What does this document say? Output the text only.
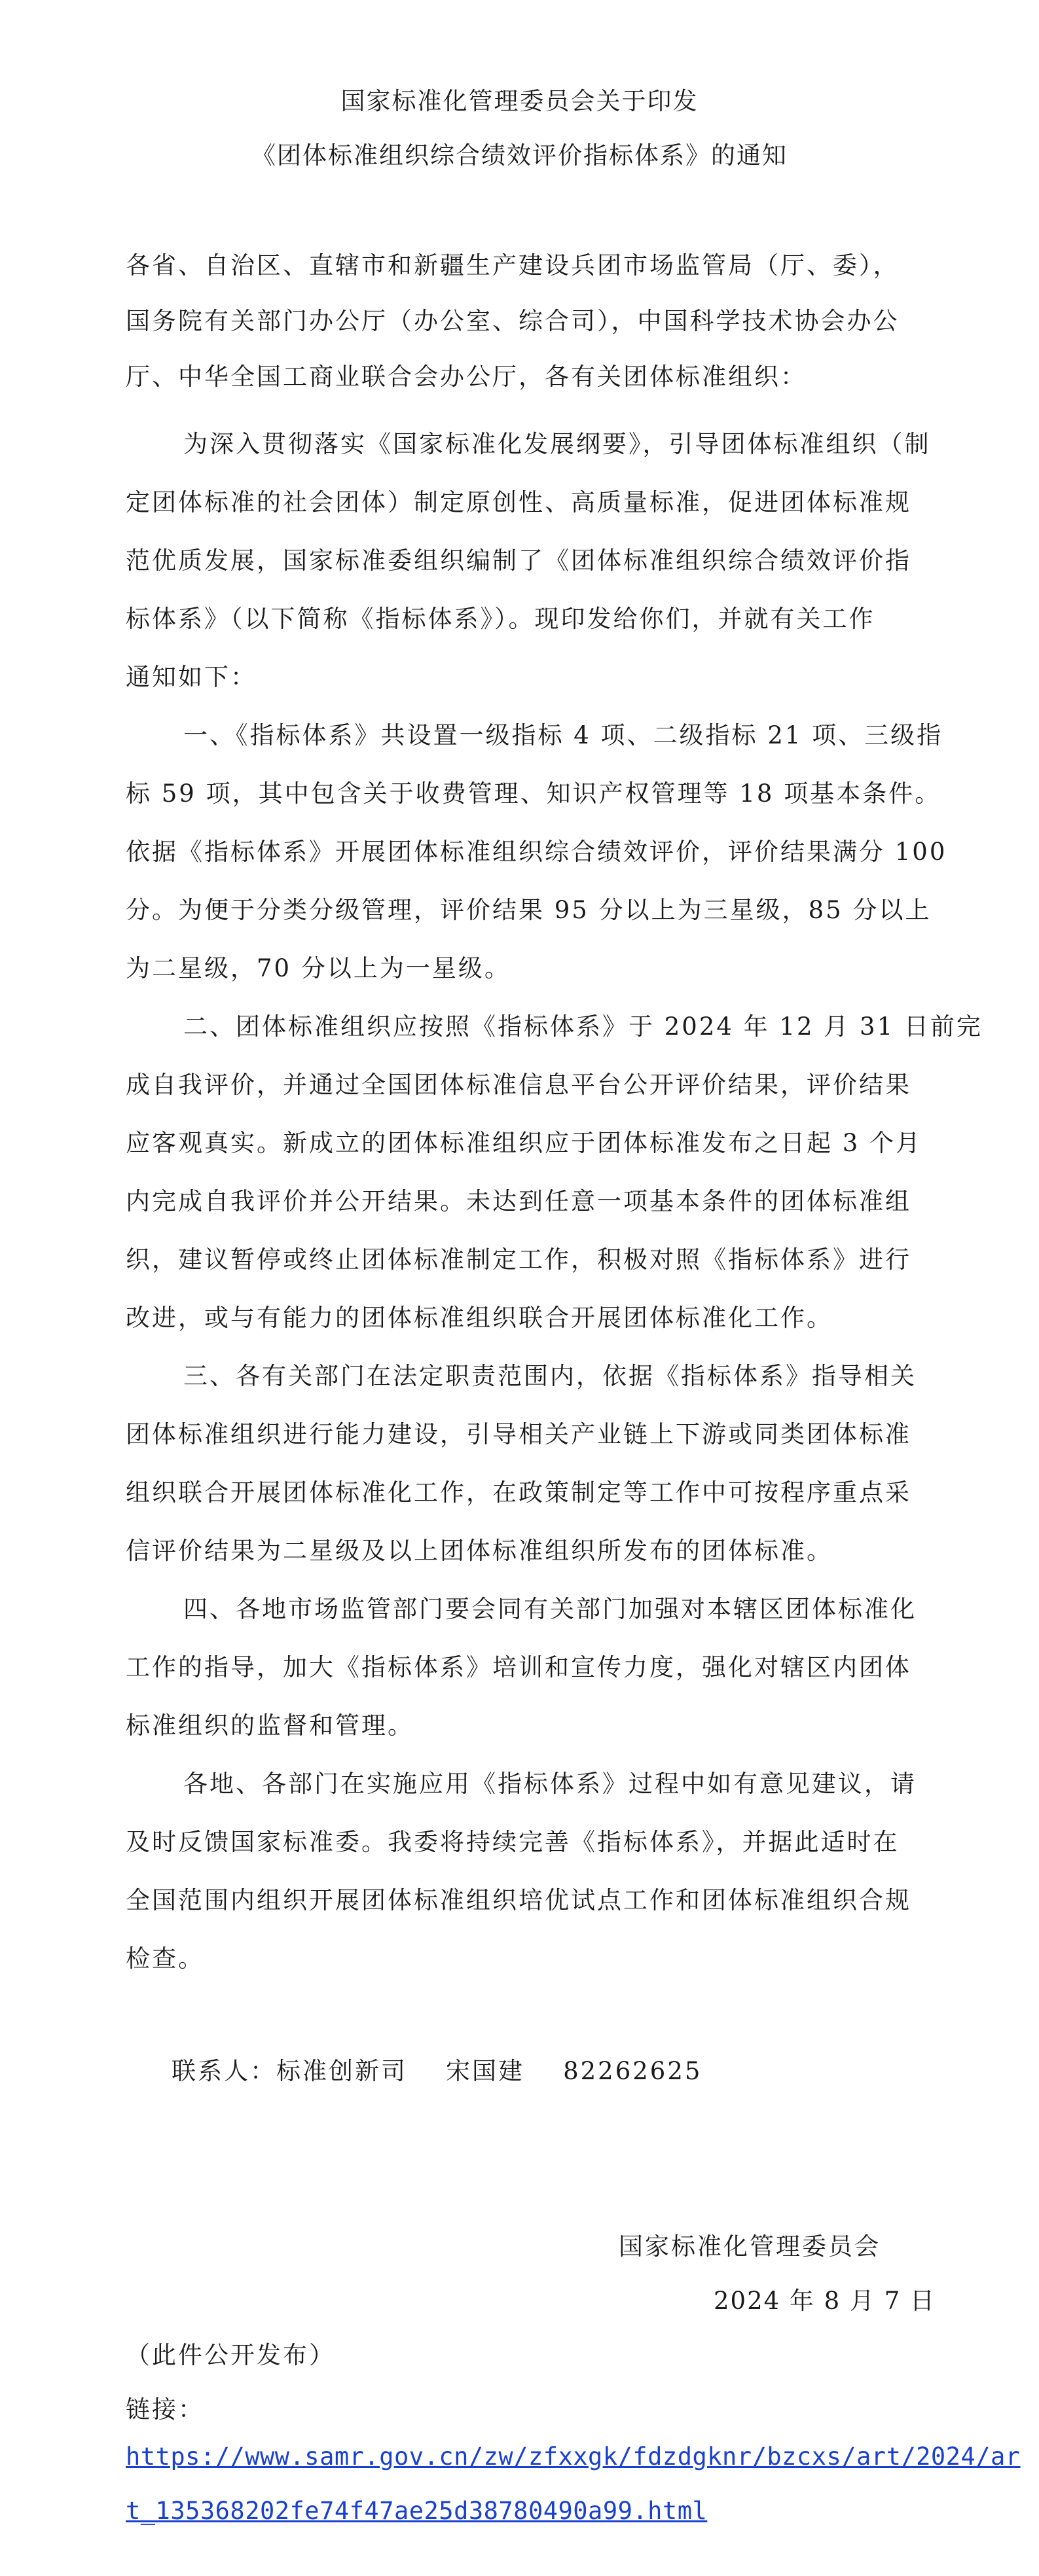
国家标准化管理委员会关于印发
《团体标准组织综合绩效评价指标体系》的通知
各省、自治区、直辖市和新疆生产建设兵团市场监管局（厅、委），
国务院有关部门办公厅（办公室、综合司），中国科学技术协会办公
厅、中华全国工商业联合会办公厅，各有关团体标准组织：
为深入贯彻落实《国家标准化发展纲要》，引导团体标准组织（制
定团体标准的社会团体）制定原创性、高质量标准，促进团体标准规
范优质发展，国家标准委组织编制了《团体标准组织综合绩效评价指
标体系》（以下简称《指标体系》）。现印发给你们，并就有关工作
通知如下：
一、《指标体系》共设置一级指标 4 项、二级指标 21 项、三级指
标 59 项，其中包含关于收费管理、知识产权管理等 18 项基本条件。
依据《指标体系》开展团体标准组织综合绩效评价，评价结果满分 100
分。为便于分类分级管理，评价结果 95 分以上为三星级，85 分以上
为二星级，70 分以上为一星级。
二、团体标准组织应按照《指标体系》于 2024 年 12 月 31 日前完
成自我评价，并通过全国团体标准信息平台公开评价结果，评价结果
应客观真实。新成立的团体标准组织应于团体标准发布之日起 3 个月
内完成自我评价并公开结果。未达到任意一项基本条件的团体标准组
织，建议暂停或终止团体标准制定工作，积极对照《指标体系》进行
改进，或与有能力的团体标准组织联合开展团体标准化工作。
三、各有关部门在法定职责范围内，依据《指标体系》指导相关
团体标准组织进行能力建设，引导相关产业链上下游或同类团体标准
组织联合开展团体标准化工作，在政策制定等工作中可按程序重点采
信评价结果为二星级及以上团体标准组织所发布的团体标准。
四、各地市场监管部门要会同有关部门加强对本辖区团体标准化
工作的指导，加大《指标体系》培训和宣传力度，强化对辖区内团体
标准组织的监督和管理。
各地、各部门在实施应用《指标体系》过程中如有意见建议，请
及时反馈国家标准委。我委将持续完善《指标体系》，并据此适时在
全国范围内组织开展团体标准组织培优试点工作和团体标准组织合规
检查。
联系人：标准创新司    宋国建    82262625
国家标准化管理委员会
2024 年 8 月 7 日
（此件公开发布）
链接：
https://www.samr.gov.cn/zw/zfxxgk/fdzdgknr/bzcxs/art/2024/ar
t_135368202fe74f47ae25d38780490a99.html
